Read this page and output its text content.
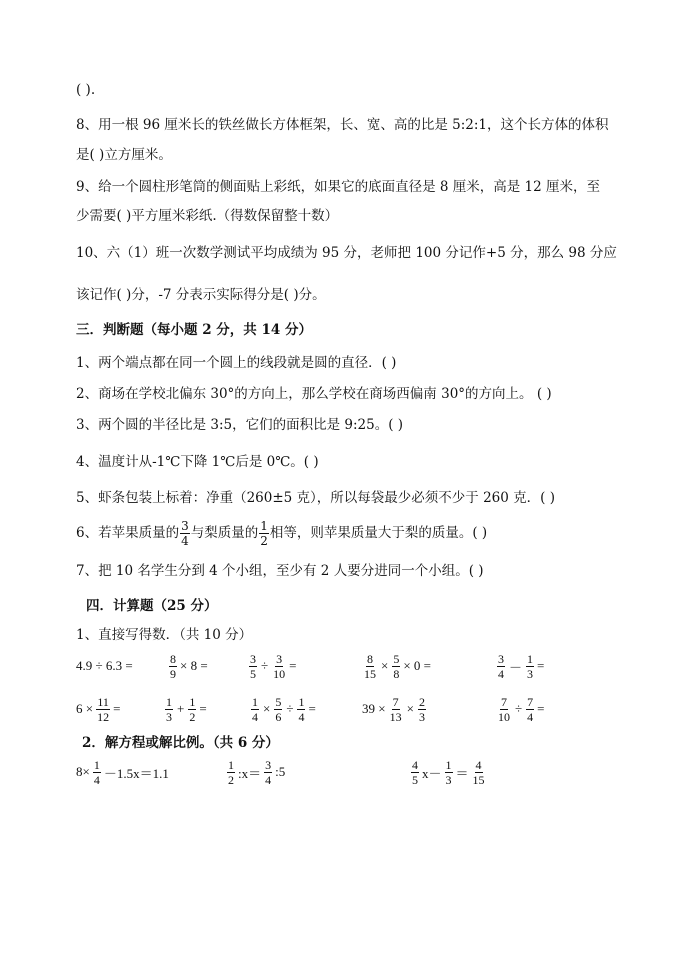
( ).
8、用一根 96 厘米长的铁丝做长方体框架，长、宽、高的比是 5:2:1，这个长方体的体积
是( )立方厘米。
9、给一个圆柱形笔筒的侧面贴上彩纸，如果它的底面直径是 8 厘米，高是 12 厘米，至
少需要( )平方厘米彩纸.（得数保留整十数）
10、六（1）班一次数学测试平均成绩为 95 分，老师把 100 分记作+5 分，那么 98 分应
该记作( )分，-7 分表示实际得分是( )分。
三．判断题（每小题 2 分，共 14 分）
1、两个端点都在同一个圆上的线段就是圆的直径．( )
2、商场在学校北偏东 30°的方向上，那么学校在商场西偏南 30°的方向上。 ( )
3、两个圆的半径比是 3:5，它们的面积比是 9:25。( )
4、温度计从-1℃下降 1℃后是 0℃。( )
5、虾条包装上标着：净重（260±5 克），所以每袋最少必须不少于 260 克．( )
6、若苹果质量的 $\frac{3}{4}$ 与梨质量的 $\frac{1}{2}$ 相等，则苹果质量大于梨的质量。( )
7、把 10 名学生分到 4 个小组，至少有 2 人要分进同一个小组。( )
四．计算题（25 分）
1、直接写得数．（共 10 分）
4.9 ÷ 6.3 =	$\frac{8}{9} \times 8$ =	$\frac{3}{5} \div \frac{3}{10}$ =	$\frac{8}{15} \times \frac{5}{8} \times 0$ =	$\frac{3}{4} - \frac{1}{3}$ =
$6 \times \frac{11}{12}$ =	$\frac{1}{3} + \frac{1}{2}$ =	$\frac{1}{4} \times \frac{5}{6} \div \frac{1}{4}$ =	$39 \times \frac{7}{13} \times \frac{2}{3}$	$\frac{7}{10} \div \frac{7}{4}$ =
2．解方程或解比例。（共 6 分）
$8\times \frac{1}{4} -1.5x=1.1$	$\frac{1}{2}$ :x＝ $\frac{3}{4}$ :5	$\frac{4}{5} x- \frac{1}{3} = \frac{4}{15}$
